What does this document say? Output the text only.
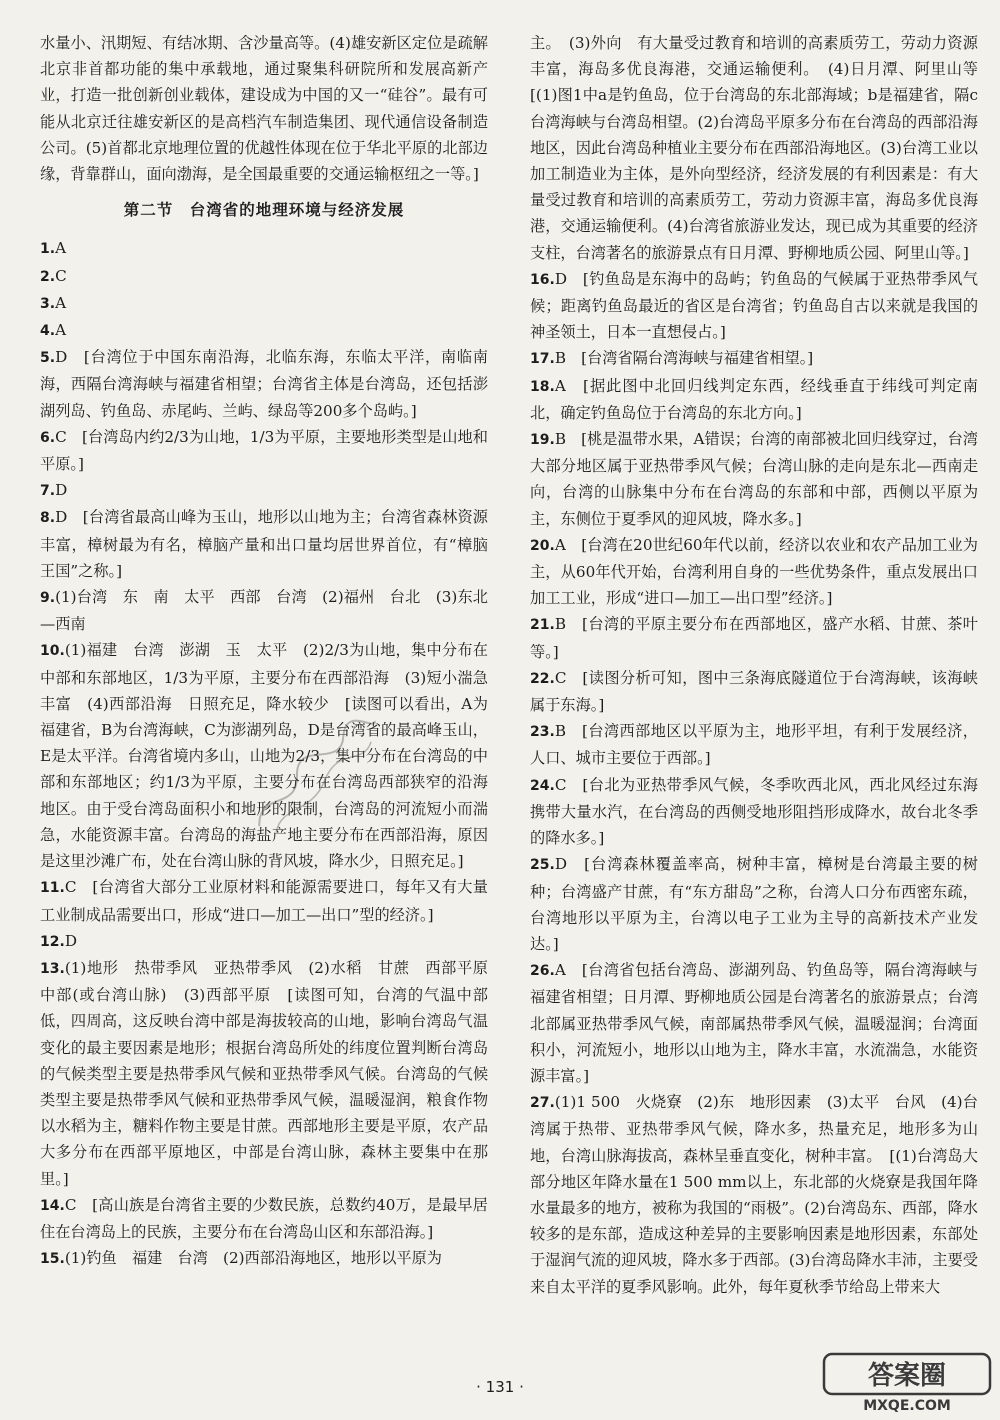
水量小、汛期短、有结冰期、含沙量高等。(4)雄安新区定位是疏解北京非首都功能的集中承载地，通过聚集科研院所和发展高新产业，打造一批创新创业载体，建设成为中国的又一“硅谷”。最有可能从北京迁往雄安新区的是高档汽车制造集团、现代通信设备制造公司。(5)首都北京地理位置的优越性体现在位于华北平原的北部边缘，背靠群山，面向渤海，是全国最重要的交通运输枢纽之一等。]

第二节　台湾省的地理环境与经济发展

1.A

2.C

3.A

4.A

5.D　[台湾位于中国东南沿海，北临东海，东临太平洋，南临南海，西隔台湾海峡与福建省相望；台湾省主体是台湾岛，还包括澎湖列岛、钓鱼岛、赤尾屿、兰屿、绿岛等200多个岛屿。]

6.C　[台湾岛内约2/3为山地，1/3为平原，主要地形类型是山地和平原。]

7.D

8.D　[台湾省最高山峰为玉山，地形以山地为主；台湾省森林资源丰富，樟树最为有名，樟脑产量和出口量均居世界首位，有“樟脑王国”之称。]

9.(1)台湾　东　南　太平　西部　台湾　(2)福州　台北　(3)东北—西南

10.(1)福建　台湾　澎湖　玉　太平　(2)2/3为山地，集中分布在中部和东部地区，1/3为平原，主要分布在西部沿海　(3)短小湍急　丰富　(4)西部沿海　日照充足，降水较少　[读图可以看出，A为福建省，B为台湾海峡，C为澎湖列岛，D是台湾省的最高峰玉山，E是太平洋。台湾省境内多山，山地为2/3，集中分布在台湾岛的中部和东部地区；约1/3为平原，主要分布在台湾岛西部狭窄的沿海地区。由于受台湾岛面积小和地形的限制，台湾岛的河流短小而湍急，水能资源丰富。台湾岛的海盐产地主要分布在西部沿海，原因是这里沙滩广布，处在台湾山脉的背风坡，降水少，日照充足。]

11.C　[台湾省大部分工业原材料和能源需要进口，每年又有大量工业制成品需要出口，形成“进口—加工—出口”型的经济。]

12.D

13.(1)地形　热带季风　亚热带季风　(2)水稻　甘蔗　西部平原　中部(或台湾山脉)　(3)西部平原　[读图可知，台湾的气温中部低，四周高，这反映台湾中部是海拔较高的山地，影响台湾岛气温变化的最主要因素是地形；根据台湾岛所处的纬度位置判断台湾岛的气候类型主要是热带季风气候和亚热带季风气候。台湾岛的气候类型主要是热带季风气候和亚热带季风气候，温暖湿润，粮食作物以水稻为主，糖料作物主要是甘蔗。西部地形主要是平原，农产品大多分布在西部平原地区，中部是台湾山脉，森林主要集中在那里。]

14.C　[高山族是台湾省主要的少数民族，总数约40万，是最早居住在台湾岛上的民族，主要分布在台湾岛山区和东部沿海。]

15.(1)钓鱼　福建　台湾　(2)西部沿海地区，地形以平原为

主。　(3)外向　有大量受过教育和培训的高素质劳工，劳动力资源丰富，海岛多优良海港，交通运输便利。　(4)日月潭、阿里山等　[(1)图1中a是钓鱼岛，位于台湾岛的东北部海域；b是福建省，隔c台湾海峡与台湾岛相望。(2)台湾岛平原多分布在台湾岛的西部沿海地区，因此台湾岛种植业主要分布在西部沿海地区。(3)台湾工业以加工制造业为主体，是外向型经济，经济发展的有利因素是：有大量受过教育和培训的高素质劳工，劳动力资源丰富，海岛多优良海港，交通运输便利。(4)台湾省旅游业发达，现已成为其重要的经济支柱，台湾著名的旅游景点有日月潭、野柳地质公园、阿里山等。]

16.D　[钓鱼岛是东海中的岛屿；钓鱼岛的气候属于亚热带季风气候；距离钓鱼岛最近的省区是台湾省；钓鱼岛自古以来就是我国的神圣领土，日本一直想侵占。]

17.B　[台湾省隔台湾海峡与福建省相望。]

18.A　[据此图中北回归线判定东西，经线垂直于纬线可判定南北，确定钓鱼岛位于台湾岛的东北方向。]

19.B　[桃是温带水果，A错误；台湾的南部被北回归线穿过，台湾大部分地区属于亚热带季风气候；台湾山脉的走向是东北—西南走向，台湾的山脉集中分布在台湾岛的东部和中部，西侧以平原为主，东侧位于夏季风的迎风坡，降水多。]

20.A　[台湾在20世纪60年代以前，经济以农业和农产品加工业为主，从60年代开始，台湾利用自身的一些优势条件，重点发展出口加工工业，形成“进口—加工—出口型”经济。]

21.B　[台湾的平原主要分布在西部地区，盛产水稻、甘蔗、茶叶等。]

22.C　[读图分析可知，图中三条海底隧道位于台湾海峡，该海峡属于东海。]

23.B　[台湾西部地区以平原为主，地形平坦，有利于发展经济，人口、城市主要位于西部。]

24.C　[台北为亚热带季风气候，冬季吹西北风，西北风经过东海携带大量水汽，在台湾岛的西侧受地形阻挡形成降水，故台北冬季的降水多。]

25.D　[台湾森林覆盖率高，树种丰富，樟树是台湾最主要的树种；台湾盛产甘蔗，有“东方甜岛”之称，台湾人口分布西密东疏，台湾地形以平原为主，台湾以电子工业为主导的高新技术产业发达。]

26.A　[台湾省包括台湾岛、澎湖列岛、钓鱼岛等，隔台湾海峡与福建省相望；日月潭、野柳地质公园是台湾著名的旅游景点；台湾北部属亚热带季风气候，南部属热带季风气候，温暖湿润；台湾面积小，河流短小，地形以山地为主，降水丰富，水流湍急，水能资源丰富。]

27.(1)1 500　火烧寮　(2)东　地形因素　(3)太平　台风　(4)台湾属于热带、亚热带季风气候，降水多，热量充足，地形多为山地，台湾山脉海拔高，森林呈垂直变化，树种丰富。　[(1)台湾岛大部分地区年降水量在1 500 mm以上，东北部的火烧寮是我国年降水量最多的地方，被称为我国的“雨极”。(2)台湾岛东、西部，降水较多的是东部，造成这种差异的主要影响因素是地形因素，东部处于湿润气流的迎风坡，降水多于西部。(3)台湾岛降水丰沛，主要受来自太平洋的夏季风影响。此外，每年夏秋季节给岛上带来大

· 131 ·	答案圈
MXQE.COM
